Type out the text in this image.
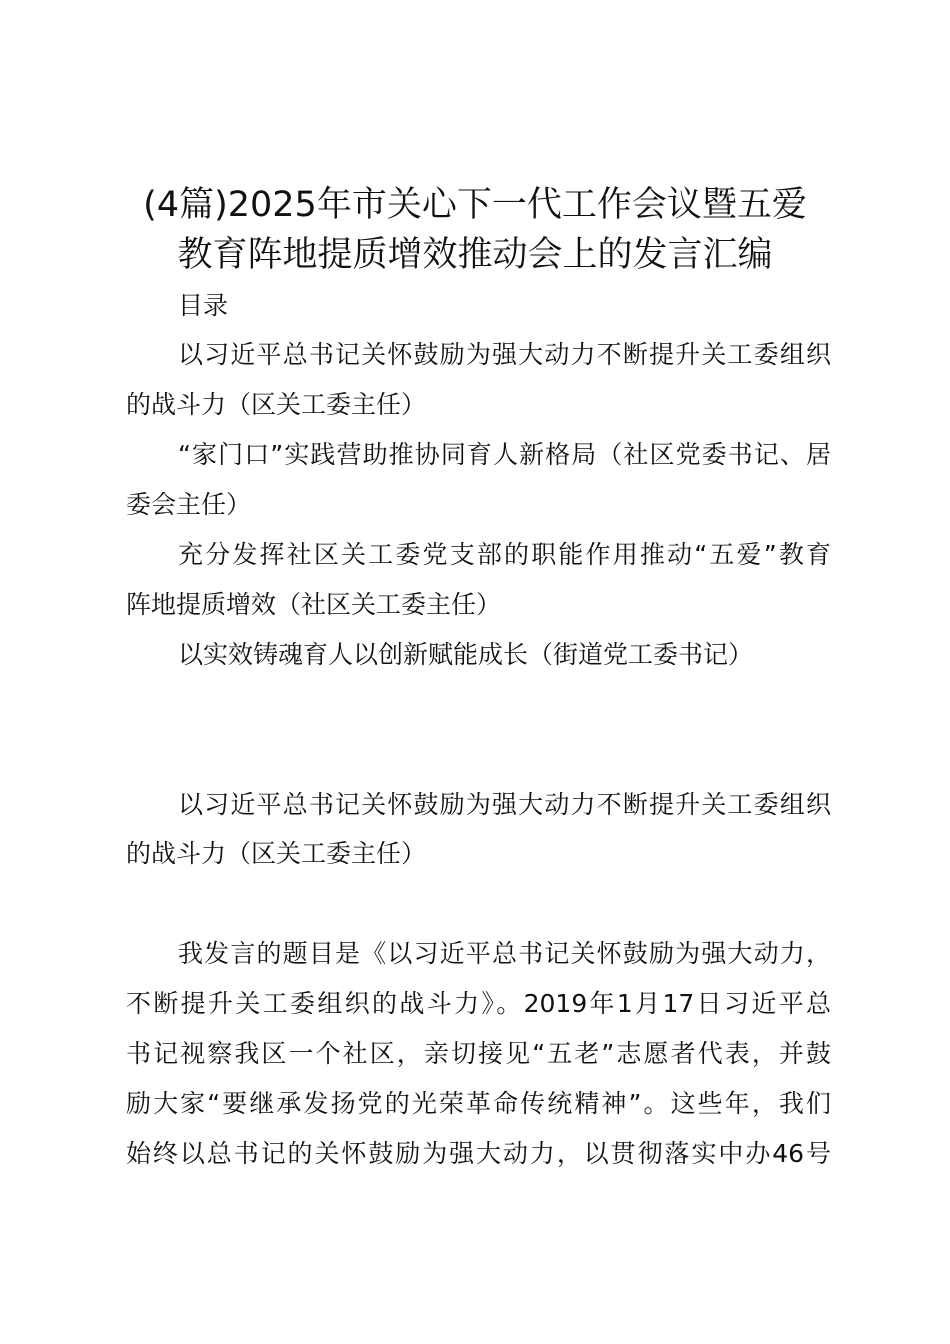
(4篇)2025年市关心下一代工作会议暨五爱
教育阵地提质增效推动会上的发言汇编
目录
以习近平总书记关怀鼓励为强大动力不断提升关工委组织
的战斗力（区关工委主任）
“家门口”实践营助推协同育人新格局（社区党委书记、居
委会主任）
充分发挥社区关工委党支部的职能作用推动“五爱”教育
阵地提质增效（社区关工委主任）
以实效铸魂育人以创新赋能成长（街道党工委书记）
以习近平总书记关怀鼓励为强大动力不断提升关工委组织
的战斗力（区关工委主任）
我发言的题目是《以习近平总书记关怀鼓励为强大动力，
不断提升关工委组织的战斗力》。2019年1月17日习近平总
书记视察我区一个社区，亲切接见“五老”志愿者代表，并鼓
励大家“要继承发扬党的光荣革命传统精神”。这些年，我们
始终以总书记的关怀鼓励为强大动力，以贯彻落实中办46号
